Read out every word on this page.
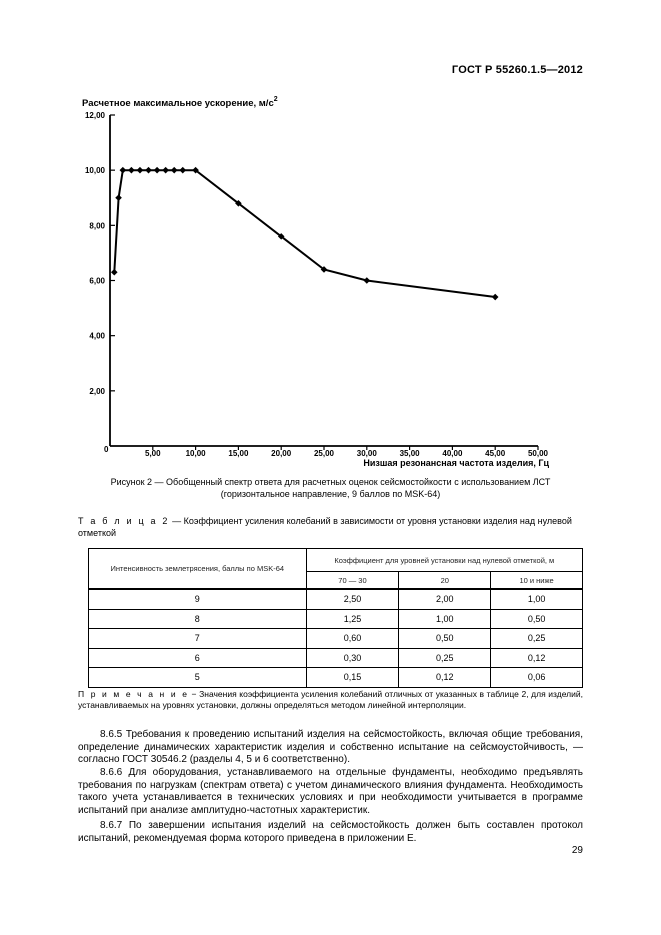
ГОСТ Р 55260.1.5—2012
Расчетное максимальное ускорение, $м/с^2$
2,00
4,00
6,00
8,00
10,00
12,00
5,00	10,00	15,00	20,00	25,00	30,00	35,00	40,00	45,00	50,00
0
Низшая резонансная частота изделия, Гц
Рисунок 2 — Обобщенный спектр ответа для расчетных оценок сейсмостойкости с использованием ЛСТ (горизонтальное направление, 9 баллов по MSK-64)
Т а б л и ц а 2 — Коэффициент усиления колебаний в зависимости от уровня установки изделия над нулевой отметкой
Интенсивность землетрясения, баллы по MSK-64	Коэффициент для уровней установки над нулевой отметкой, м		
	70 — 30	20	10 и ниже
9	2,50	2,00	1,00
8	1,25	1,00	0,50
7	0,60	0,50	0,25
6	0,30	0,25	0,12
5	0,15	0,12	0,06
П р и м е ч а н и е − Значения коэффициента усиления колебаний отличных от указанных в таблице 2, для изделий, устанавливаемых на уровнях установки, должны определяться методом линейной интерполяции.

8.6.5 Требования к проведению испытаний изделия на сейсмостойкость, включая общие требования, определение динамических характеристик изделия и собственно испытание на сейсмоустойчивость, — согласно ГОСТ 30546.2 (разделы 4, 5 и 6 соответственно).

8.6.6 Для оборудования, устанавливаемого на отдельные фундаменты, необходимо предъявлять требования по нагрузкам (спектрам ответа) с учетом динамического влияния фундамента. Необходимость такого учета устанавливается в технических условиях и при необходимости учитывается в программе испытаний при анализе амплитудно-частотных характеристик.

8.6.7 По завершении испытания изделий на сейсмостойкость должен быть составлен протокол испытаний, рекомендуемая форма которого приведена в приложении Е.

29
